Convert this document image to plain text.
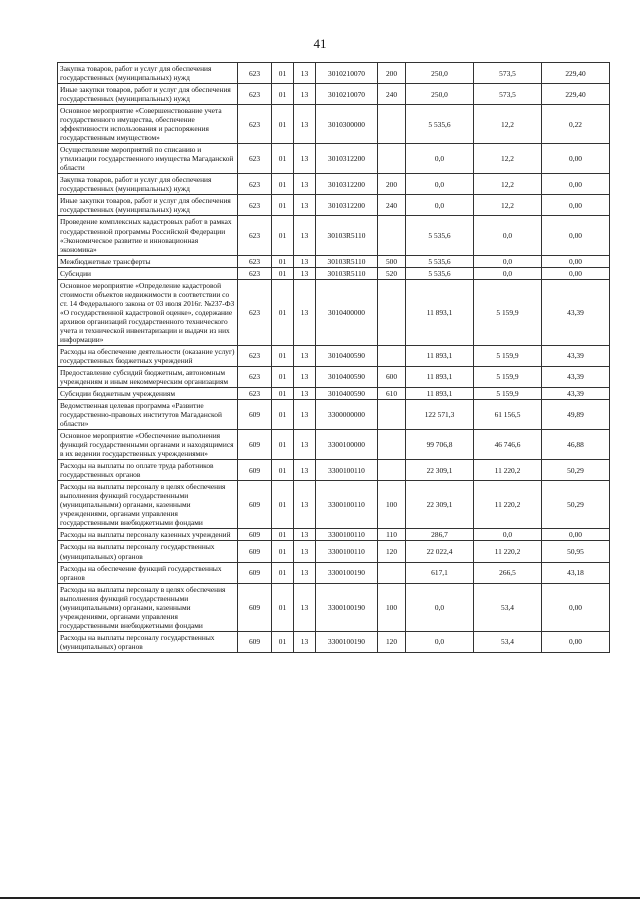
41
Закупка товаров, работ и услуг для обеспечения государственных (муниципальных) нужд	623	01	13	3010210070	200	250,0	573,5	229,40
Иные закупки товаров, работ и услуг для обеспечения государственных (муниципальных) нужд	623	01	13	3010210070	240	250,0	573,5	229,40
Основное мероприятие «Совершенствование учета государственного имущества, обеспечение эффективности использования и распоряжения государственным имуществом»	623	01	13	3010300000		5 535,6	12,2	0,22
Осуществление мероприятий по списанию и утилизации государственного имущества Магаданской области	623	01	13	3010312200		0,0	12,2	0,00
Закупка товаров, работ и услуг для обеспечения государственных (муниципальных) нужд	623	01	13	3010312200	200	0,0	12,2	0,00
Иные закупки товаров, работ и услуг для обеспечения государственных (муниципальных) нужд	623	01	13	3010312200	240	0,0	12,2	0,00
Проведение комплексных кадастровых работ в рамках государственной программы Российской Федерации «Экономическое развитие и инновационная экономика»	623	01	13	30103R5110		5 535,6	0,0	0,00
Межбюджетные трансферты	623	01	13	30103R5110	500	5 535,6	0,0	0,00
Субсидии	623	01	13	30103R5110	520	5 535,6	0,0	0,00
Основное мероприятие «Определение кадастровой стоимости объектов недвижимости в соответствии со ст. 14 Федерального закона от 03 июля 2016г. №237-ФЗ «О государственной кадастровой оценке», содержание архивов организаций государственного технического учета и технической инвентаризации и выдачи из них информации»	623	01	13	3010400000		11 893,1	5 159,9	43,39
Расходы на обеспечение деятельности (оказание услуг) государственных бюджетных учреждений	623	01	13	3010400590		11 893,1	5 159,9	43,39
Предоставление субсидий бюджетным, автономным учреждениям и иным некоммерческим организациям	623	01	13	3010400590	600	11 893,1	5 159,9	43,39
Субсидии бюджетным учреждениям	623	01	13	3010400590	610	11 893,1	5 159,9	43,39
Ведомственная целевая программа «Развитие государственно-правовых институтов Магаданской области»	609	01	13	3300000000		122 571,3	61 156,5	49,89
Основное мероприятие «Обеспечение выполнения функций государственными органами и находящимися в их ведении государственных учреждениями»	609	01	13	3300100000		99 706,8	46 746,6	46,88
Расходы на выплаты по оплате труда работников государственных органов	609	01	13	3300100110		22 309,1	11 220,2	50,29
Расходы на выплаты персоналу в целях обеспечения выполнения функций государственными (муниципальными) органами, казенными учреждениями, органами управления государственными внебюджетными фондами	609	01	13	3300100110	100	22 309,1	11 220,2	50,29
Расходы на выплаты персоналу казенных учреждений	609	01	13	3300100110	110	286,7	0,0	0,00
Расходы на выплаты персоналу государственных (муниципальных) органов	609	01	13	3300100110	120	22 022,4	11 220,2	50,95
Расходы на обеспечение функций государственных органов	609	01	13	3300100190		617,1	266,5	43,18
Расходы на выплаты персоналу в целях обеспечения выполнения функций государственными (муниципальными) органами, казенными учреждениями, органами управления государственными внебюджетными фондами	609	01	13	3300100190	100	0,0	53,4	0,00
Расходы на выплаты персоналу государственных (муниципальных) органов	609	01	13	3300100190	120	0,0	53,4	0,00
